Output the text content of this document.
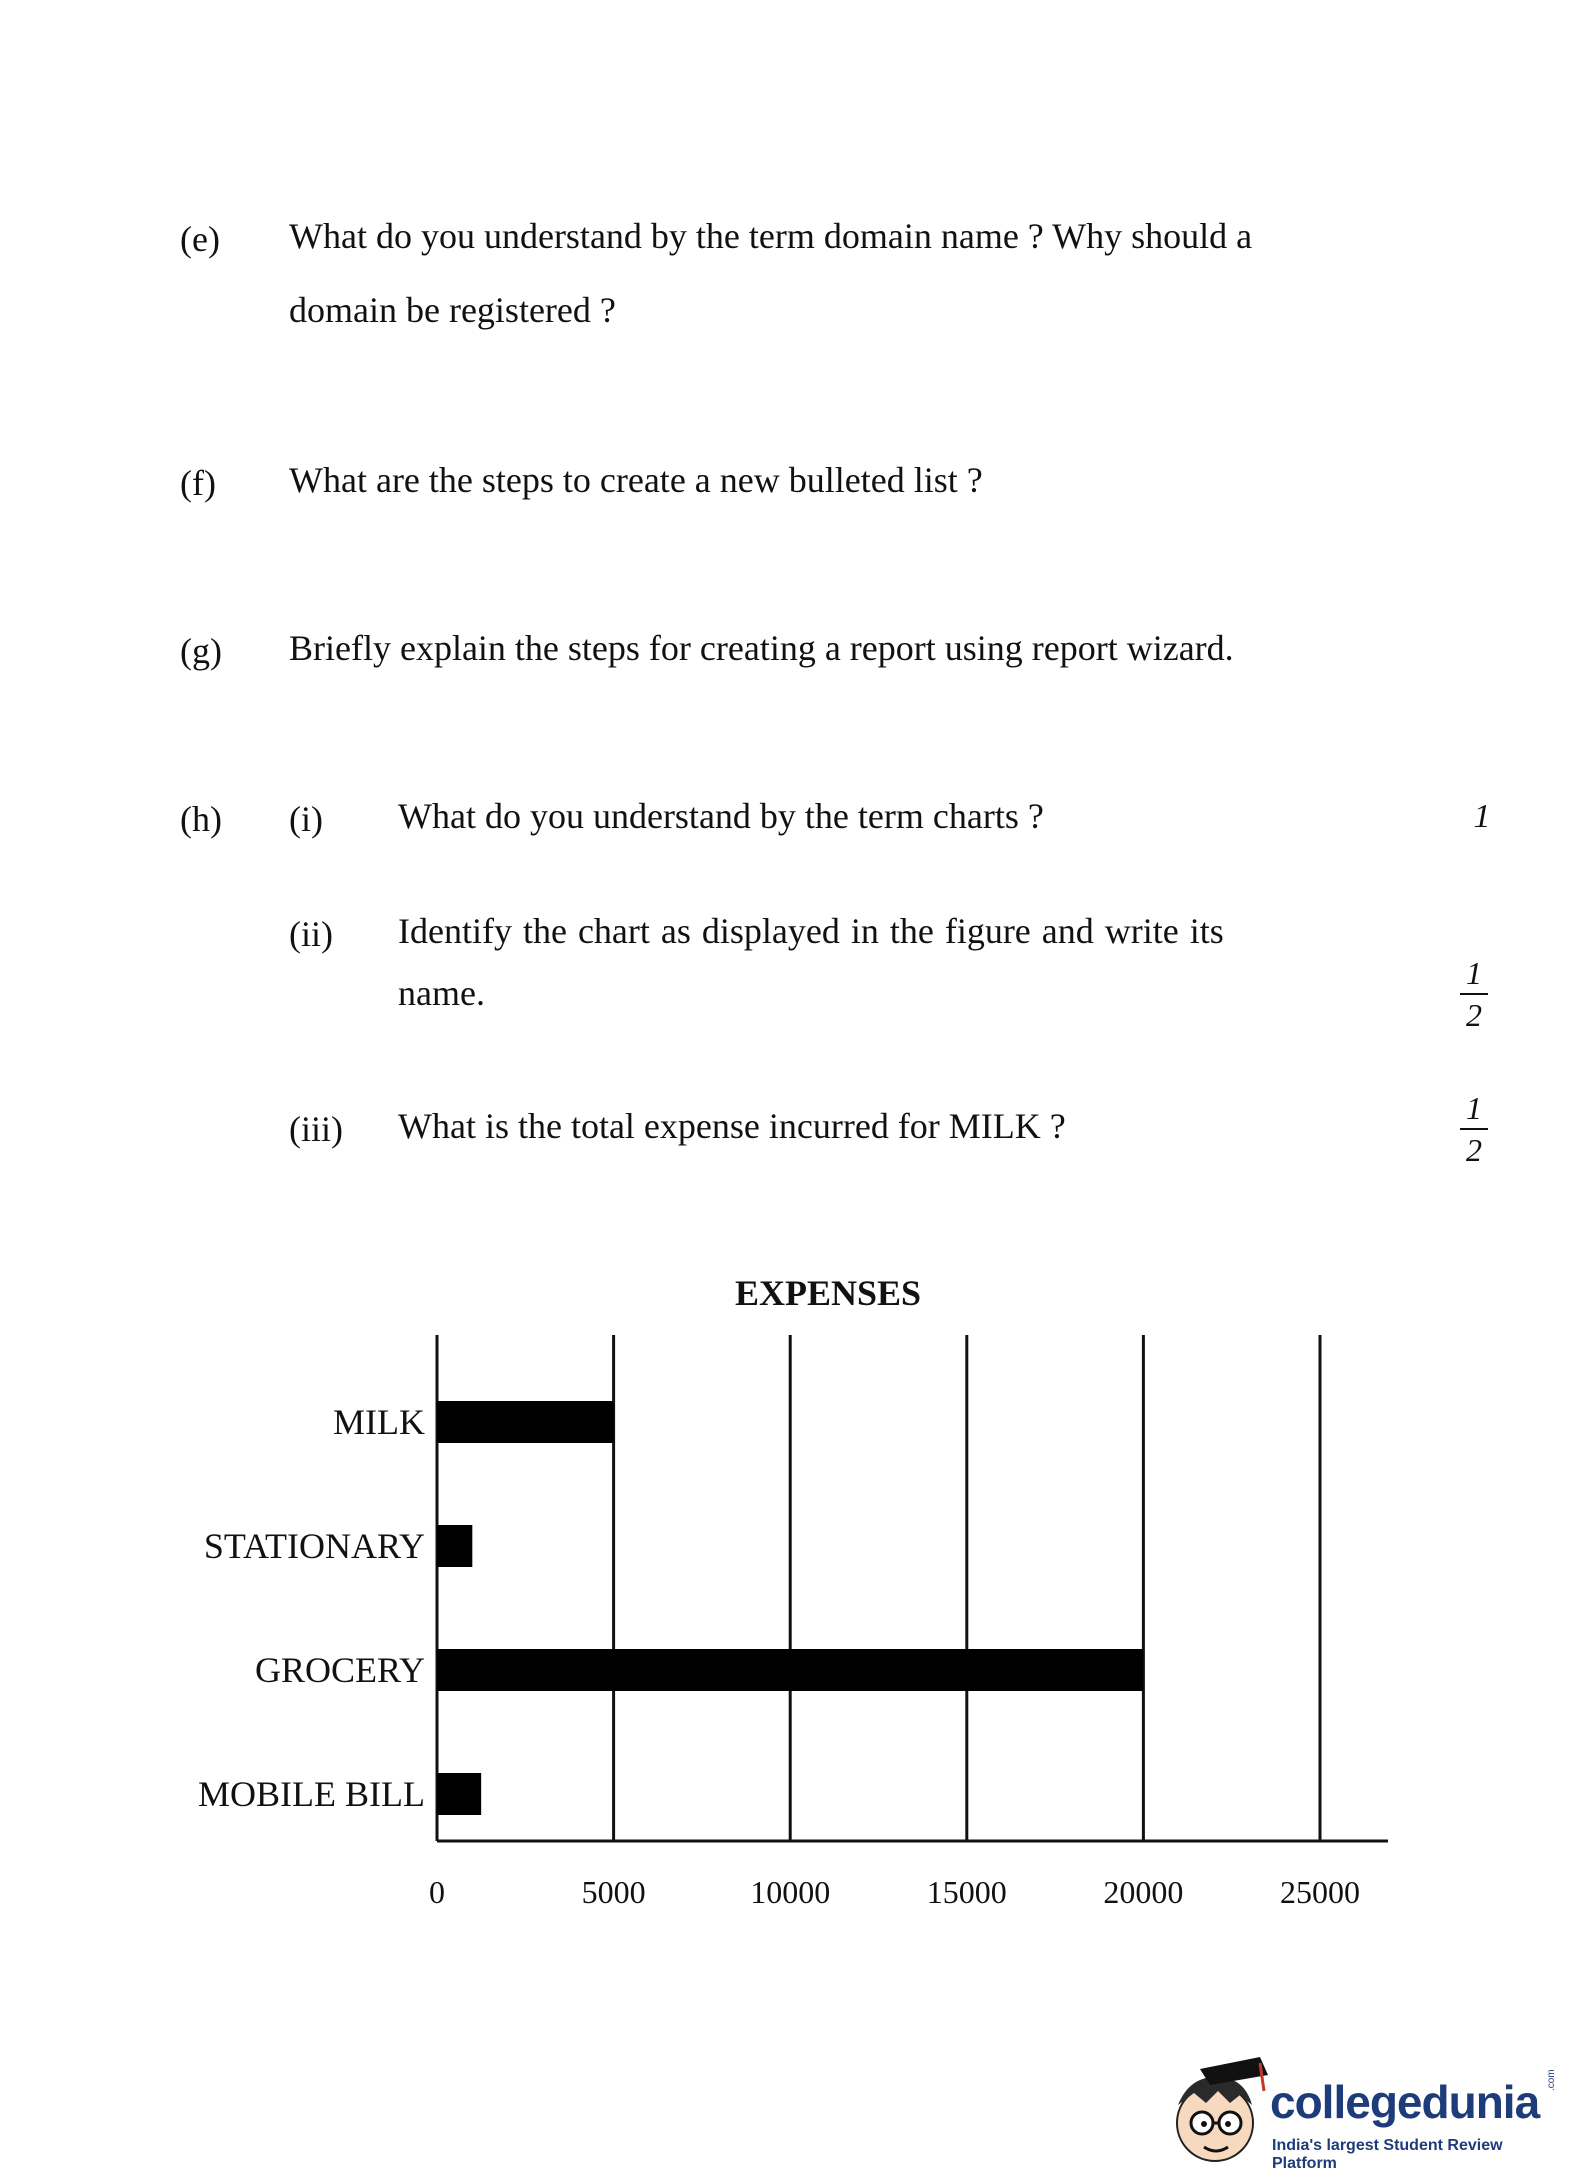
(e) What do you understand by the term domain name ? Why should a
domain be registered ?
(f) What are the steps to create a new bulleted list ?
(g) Briefly explain the steps for creating a report using report wizard.
(h) (i) What do you understand by the term charts ?	1
(ii) Identify the chart as displayed in the figure and write its
name.	1
2
(iii) What is the total expense incurred for MILK ?	1
2
EXPENSES
0	5000	10000	15000	20000	25000
MILK
STATIONARY
GROCERY
MOBILE BILL
collegedunia .com
India's largest Student Review Platform
